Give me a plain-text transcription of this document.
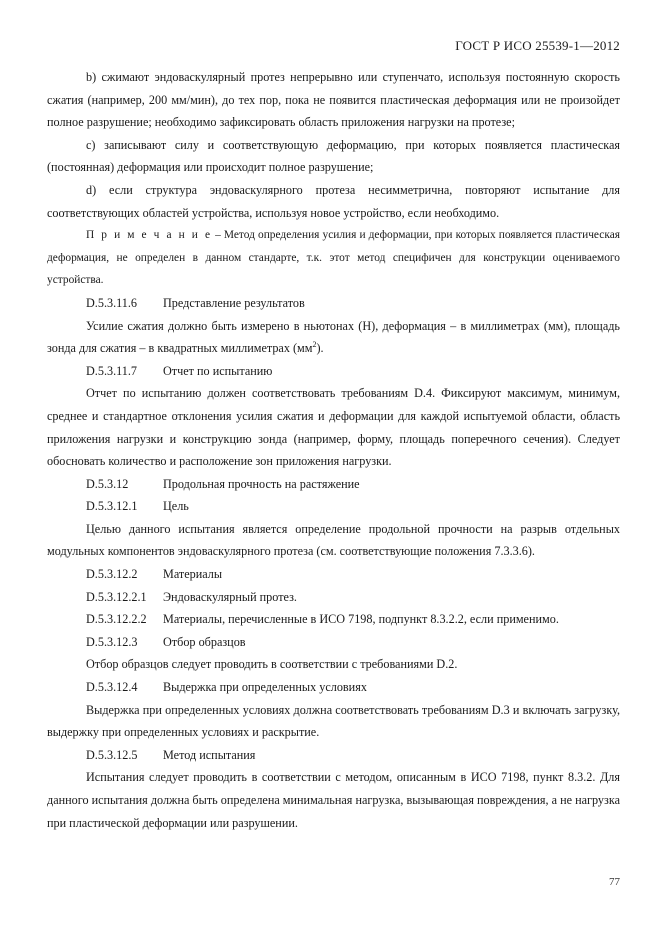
ГОСТ Р ИСО 25539-1—2012

b) сжимают эндоваскулярный протез непрерывно или ступенчато, используя постоянную скорость сжатия (например, 200 мм/мин), до тех пор, пока не появится пластическая деформация или не произойдет полное разрушение; необходимо зафиксировать область приложения нагрузки на протезе;

c) записывают силу и соответствующую деформацию, при которых появляется пластическая (постоянная) деформация или происходит полное разрушение;

d) если структура эндоваскулярного протеза несимметрична, повторяют испытание для соответствующих областей устройства, используя новое устройство, если необходимо.

П р и м е ч а н и е – Метод определения усилия и деформации, при которых появляется пластическая деформация, не определен в данном стандарте, т.к. этот метод специфичен для конструкции оцениваемого устройства.

D.5.3.11.6	Представление результатов

Усилие сжатия должно быть измерено в ньютонах (Н), деформация – в миллиметрах (мм), площадь зонда для сжатия – в квадратных миллиметрах $(мм^2)$.

D.5.3.11.7	Отчет по испытанию

Отчет по испытанию должен соответствовать требованиям D.4. Фиксируют максимум, минимум, среднее и стандартное отклонения усилия сжатия и деформации для каждой испытуемой области, область приложения нагрузки и конструкцию зонда (например, форму, площадь поперечного сечения). Следует обосновать количество и расположение зон приложения нагрузки.

D.5.3.12	Продольная прочность на растяжение
D.5.3.12.1	Цель

Целью данного испытания является определение продольной прочности на разрыв отдельных модульных компонентов эндоваскулярного протеза (см. соответствующие положения 7.3.3.6).

D.5.3.12.2	Материалы
D.5.3.12.2.1	Эндоваскулярный протез.
D.5.3.12.2.2	Материалы, перечисленные в ИСО 7198, подпункт 8.3.2.2, если применимо.
D.5.3.12.3	Отбор образцов

Отбор образцов следует проводить в соответствии с требованиями D.2.

D.5.3.12.4	Выдержка при определенных условиях

Выдержка при определенных условиях должна соответствовать требованиям D.3 и включать загрузку, выдержку при определенных условиях и раскрытие.

D.5.3.12.5	Метод испытания

Испытания следует проводить в соответствии с методом, описанным в ИСО 7198, пункт 8.3.2. Для данного испытания должна быть определена минимальная нагрузка, вызывающая повреждения, а не нагрузка при пластической деформации или разрушении.

77
